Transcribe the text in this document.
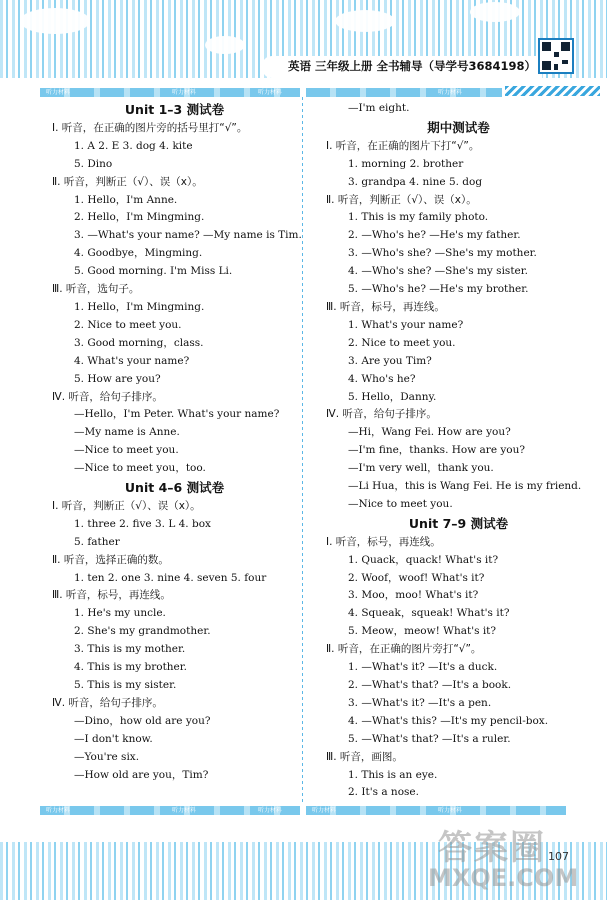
英语 三年级上册 全书辅导（导学号3684198）
听力材料	听力材料	听力材料	听力材料
Unit 1–3 测试卷
Ⅰ. 听音，在正确的图片旁的括号里打“√”。
1. A 2. E 3. dog 4. kite
5. Dino
Ⅱ. 听音，判断正（√）、误（x）。
1. Hello，I'm Anne.
2. Hello，I'm Mingming.
3. —What's your name? —My name is Tim.
4. Goodbye，Mingming.
5. Good morning. I'm Miss Li.
Ⅲ. 听音，选句子。
1. Hello，I'm Mingming.
2. Nice to meet you.
3. Good morning，class.
4. What's your name?
5. How are you?
Ⅳ. 听音，给句子排序。
—Hello，I'm Peter. What's your name?
—My name is Anne.
—Nice to meet you.
—Nice to meet you，too.
Unit 4–6 测试卷
Ⅰ. 听音，判断正（√）、误（x）。
1. three 2. five 3. L 4. box
5. father
Ⅱ. 听音，选择正确的数。
1. ten 2. one 3. nine 4. seven 5. four
Ⅲ. 听音，标号，再连线。
1. He's my uncle.
2. She's my grandmother.
3. This is my mother.
4. This is my brother.
5. This is my sister.
Ⅳ. 听音，给句子排序。
—Dino，how old are you?
—I don't know.
—You're six.
—How old are you，Tim?
—I'm eight.
期中测试卷
Ⅰ. 听音，在正确的图片下打“√”。
1. morning 2. brother
3. grandpa 4. nine 5. dog
Ⅱ. 听音，判断正（√）、误（x）。
1. This is my family photo.
2. —Who's he? —He's my father.
3. —Who's she? —She's my mother.
4. —Who's she? —She's my sister.
5. —Who's he? —He's my brother.
Ⅲ. 听音，标号，再连线。
1. What's your name?
2. Nice to meet you.
3. Are you Tim?
4. Who's he?
5. Hello，Danny.
Ⅳ. 听音，给句子排序。
—Hi，Wang Fei. How are you?
—I'm fine，thanks. How are you?
—I'm very well，thank you.
—Li Hua，this is Wang Fei. He is my friend.
—Nice to meet you.
Unit 7–9 测试卷
Ⅰ. 听音，标号，再连线。
1. Quack，quack! What's it?
2. Woof，woof! What's it?
3. Moo，moo! What's it?
4. Squeak，squeak! What's it?
5. Meow，meow! What's it?
Ⅱ. 听音，在正确的图片旁打“√”。
1. —What's it? —It's a duck.
2. —What's that? —It's a book.
3. —What's it? —It's a pen.
4. —What's this? —It's my pencil-box.
5. —What's that? —It's a ruler.
Ⅲ. 听音，画图。
1. This is an eye.
2. It's a nose.
听力材料	听力材料	听力材料	听力材料	听力材料
107
答案圈
MXQE.COM
